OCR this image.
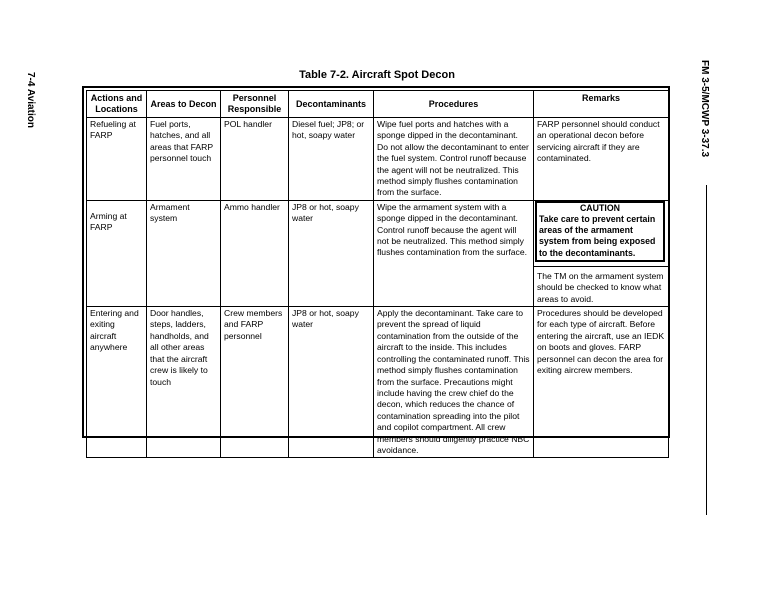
7-4 Aviation	FM 3-5/MCWP 3-37.3
Table 7-2. Aircraft Spot Decon
Actions and Locations	Areas to Decon	Personnel Responsible	Decontaminants	Procedures	Remarks
Refueling at FARP	Fuel ports, hatches, and all areas that FARP personnel touch	POL handler	Diesel fuel; JP8; or hot, soapy water	Wipe fuel ports and hatches with a sponge dipped in the decontaminant. Do not allow the decontaminant to enter the fuel system. Control runoff because the agent will not be neutralized. This method simply flushes contamination from the surface.	FARP personnel should conduct an operational decon before servicing aircraft if they are contaminated.

Arming at FARP	Armament system	Ammo handler	JP8 or hot, soapy water	Wipe the armament system with a sponge dipped in the decontaminant. Control runoff because the agent will not be neutralized. This method simply flushes contamination from the surface.	CAUTION
Take care to prevent certain areas of the armament system from being exposed to the decontaminants.
The TM on the armament system should be checked to know what areas to avoid.

Entering and exiting aircraft anywhere	Door handles, steps, ladders, handholds, and all other areas that the aircraft crew is likely to touch	Crew members and FARP personnel	JP8 or hot, soapy water	Apply the decontaminant. Take care to prevent the spread of liquid contamination from the outside of the aircraft to the inside. This includes controlling the contaminated runoff. This method simply flushes contamination from the surface. Precautions might include having the crew chief do the decon, which reduces the chance of contamination spreading into the pilot and copilot compartment. All crew members should diligently practice NBC avoidance.	Procedures should be developed for each type of aircraft. Before entering the aircraft, use an IEDK on boots and gloves. FARP personnel can decon the area for exiting aircrew members.
